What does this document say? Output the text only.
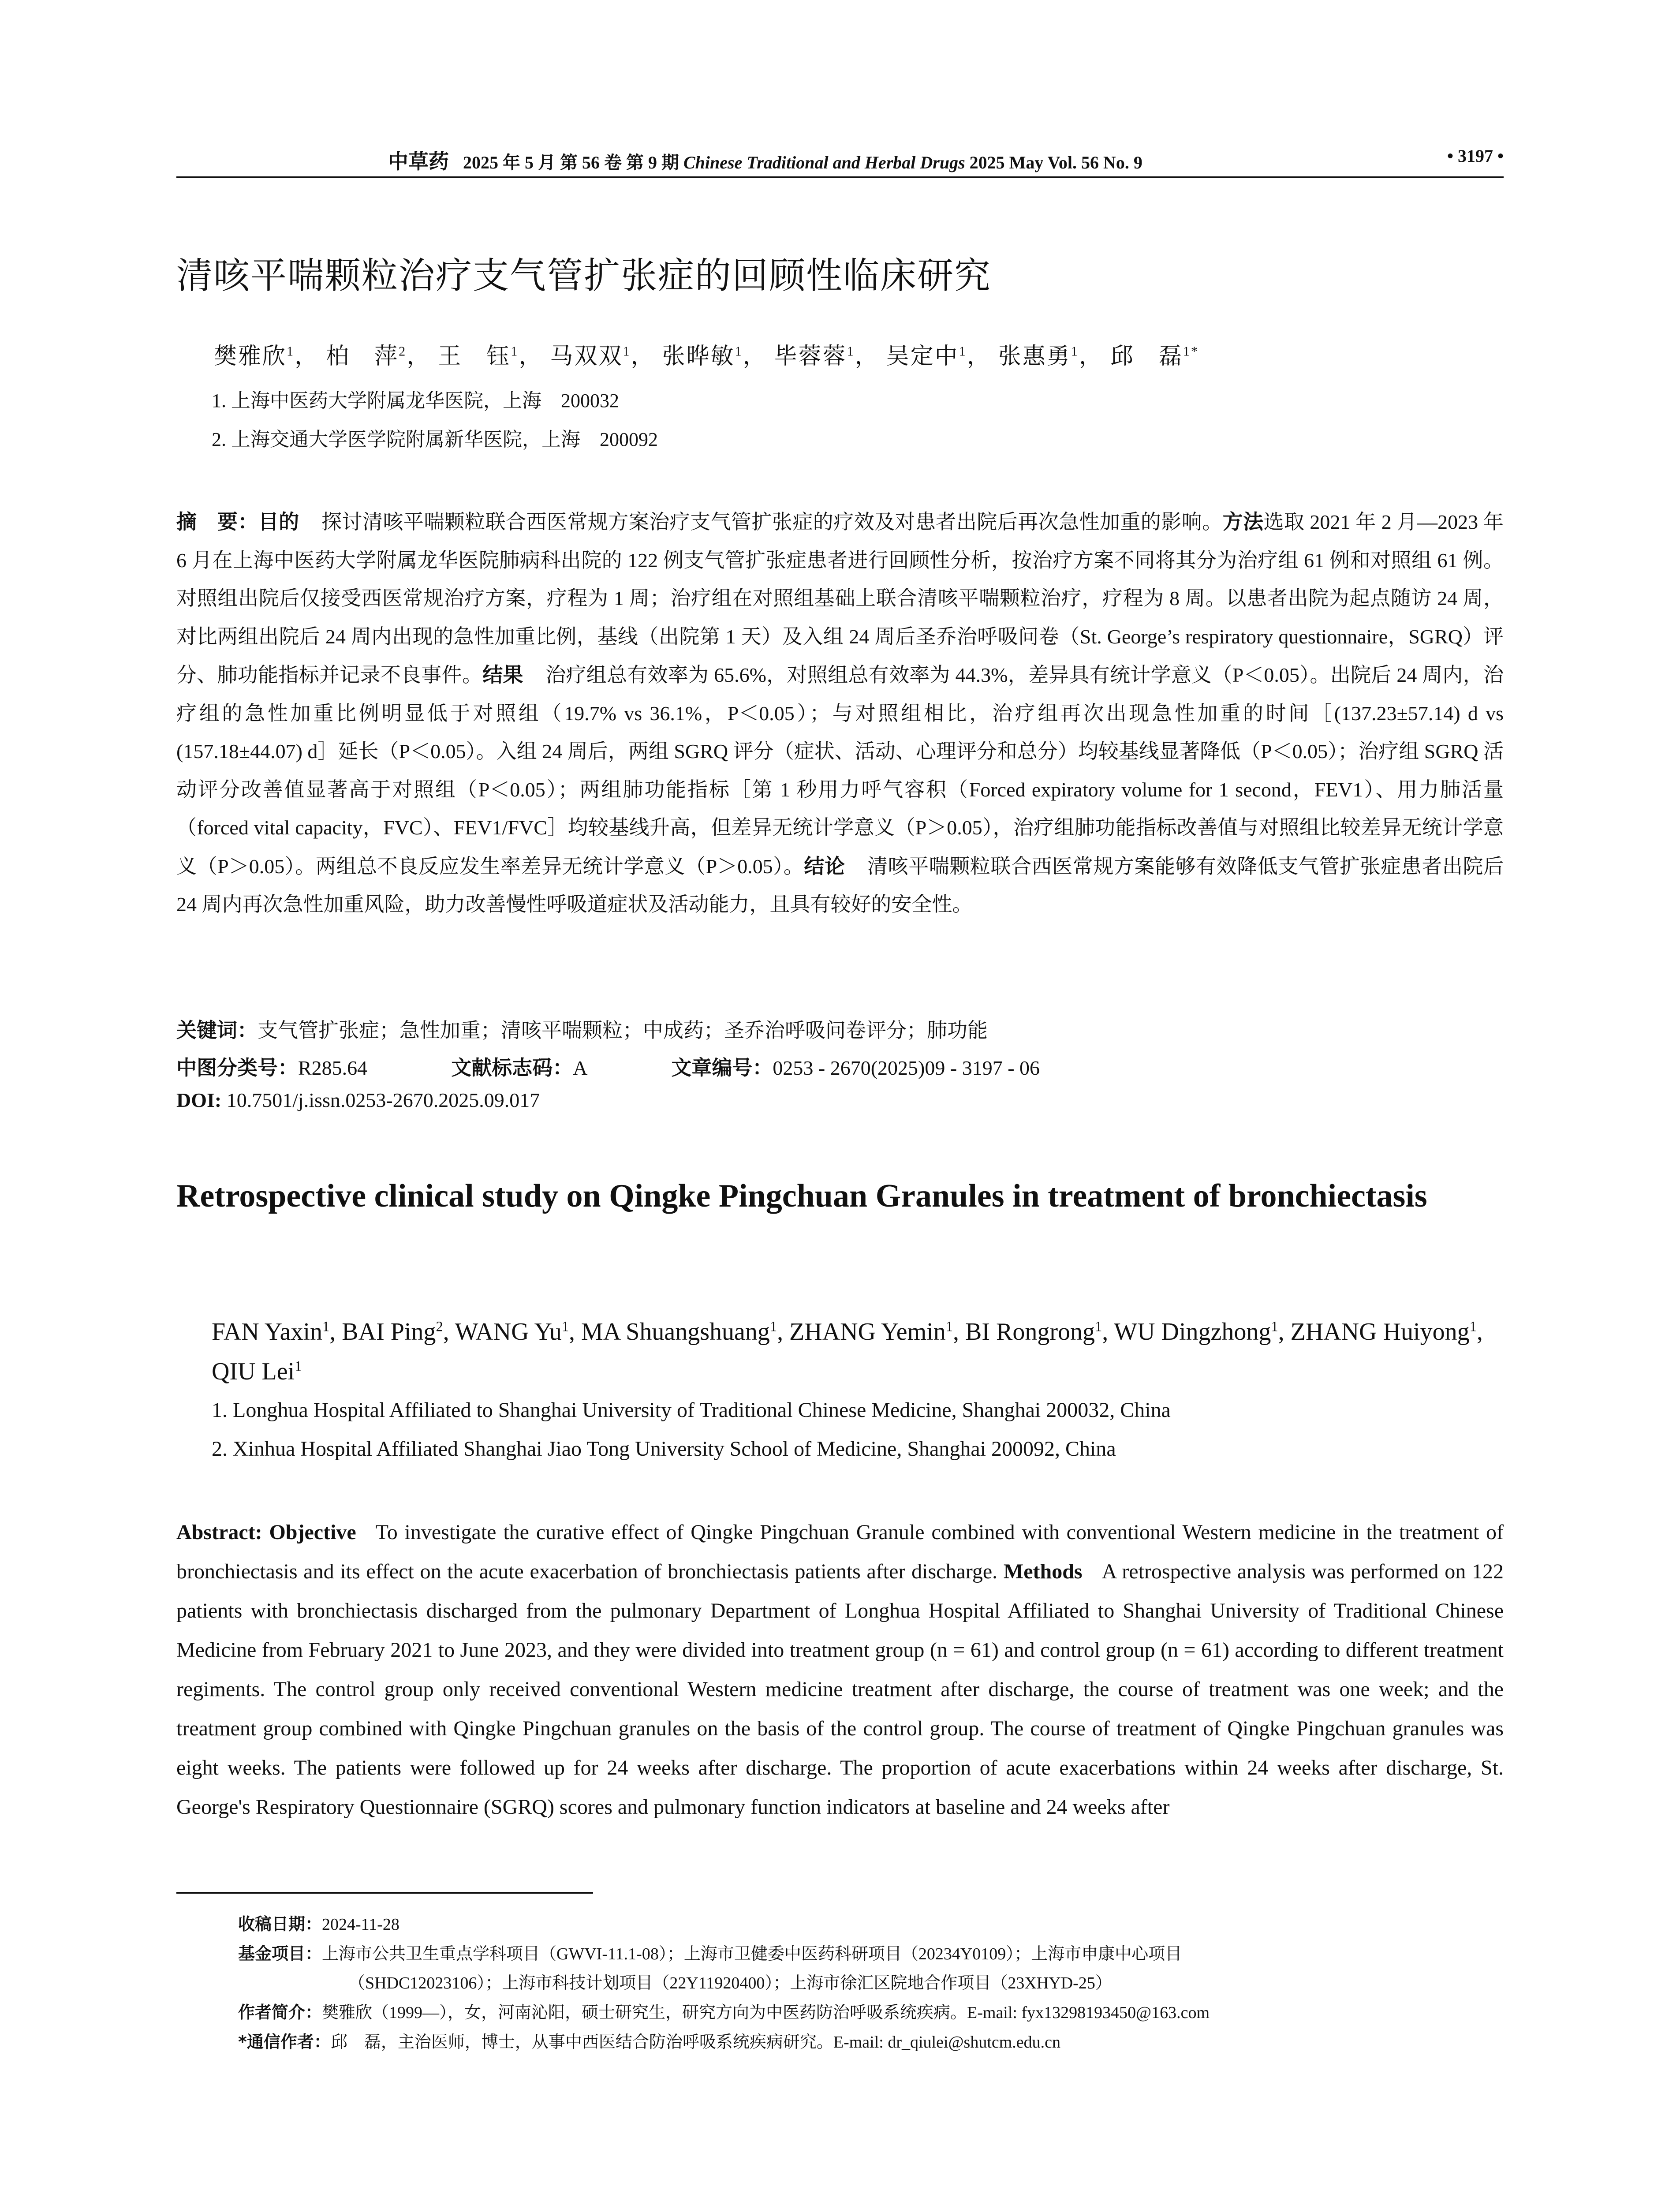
中草药 2025 年 5 月 第 56 卷 第 9 期 Chinese Traditional and Herbal Drugs 2025 May Vol. 56 No. 9	• 3197 •
清咳平喘颗粒治疗支气管扩张症的回顾性临床研究
樊雅欣$^1$， 柏　萍$^2$， 王　钰$^1$， 马双双$^1$， 张晔敏$^1$， 毕蓉蓉$^1$， 吴定中$^1$， 张惠勇$^1$， 邱　磊$^{1*}$
1. 上海中医药大学附属龙华医院，上海　200032
2. 上海交通大学医学院附属新华医院，上海　200092
摘　要：目的 探讨清咳平喘颗粒联合西医常规方案治疗支气管扩张症的疗效及对患者出院后再次急性加重的影响。方法选取 2021 年 2 月—2023 年 6 月在上海中医药大学附属龙华医院肺病科出院的 122 例支气管扩张症患者进行回顾性分析，按治疗方案不同将其分为治疗组 61 例和对照组 61 例。对照组出院后仅接受西医常规治疗方案，疗程为 1 周；治疗组在对照组基础上联合清咳平喘颗粒治疗，疗程为 8 周。以患者出院为起点随访 24 周，对比两组出院后 24 周内出现的急性加重比例，基线（出院第 1 天）及入组 24 周后圣乔治呼吸问卷（St. George’s respiratory questionnaire，SGRQ）评分、肺功能指标并记录不良事件。结果 治疗组总有效率为 65.6%，对照组总有效率为 44.3%，差异具有统计学意义（P＜0.05）。出院后 24 周内，治疗组的急性加重比例明显低于对照组（19.7% vs 36.1%，P＜0.05）；与对照组相比，治疗组再次出现急性加重的时间［(137.23±57.14) d vs (157.18±44.07) d］延长（P＜0.05）。入组 24 周后，两组 SGRQ 评分（症状、活动、心理评分和总分）均较基线显著降低（P＜0.05）；治疗组 SGRQ 活动评分改善值显著高于对照组（P＜0.05）；两组肺功能指标［第 1 秒用力呼气容积（Forced expiratory volume for 1 second，FEV1）、用力肺活量（forced vital capacity，FVC）、FEV1/FVC］均较基线升高，但差异无统计学意义（P＞0.05），治疗组肺功能指标改善值与对照组比较差异无统计学意义（P＞0.05）。两组总不良反应发生率差异无统计学意义（P＞0.05）。结论 清咳平喘颗粒联合西医常规方案能够有效降低支气管扩张症患者出院后 24 周内再次急性加重风险，助力改善慢性呼吸道症状及活动能力，且具有较好的安全性。
关键词：支气管扩张症；急性加重；清咳平喘颗粒；中成药；圣乔治呼吸问卷评分；肺功能
中图分类号：R285.64	文献标志码：A	文章编号：0253 - 2670(2025)09 - 3197 - 06
DOI: 10.7501/j.issn.0253-2670.2025.09.017
Retrospective clinical study on Qingke Pingchuan Granules in treatment of bronchiectasis
FAN Yaxin$^1$, BAI Ping$^2$, WANG Yu$^1$, MA Shuangshuang$^1$, ZHANG Yemin$^1$, BI Rongrong$^1$, WU Dingzhong$^1$, ZHANG Huiyong$^1$, QIU Lei$^1$
1. Longhua Hospital Affiliated to Shanghai University of Traditional Chinese Medicine, Shanghai 200032, China
2. Xinhua Hospital Affiliated Shanghai Jiao Tong University School of Medicine, Shanghai 200092, China
Abstract: Objective To investigate the curative effect of Qingke Pingchuan Granule combined with conventional Western medicine in the treatment of bronchiectasis and its effect on the acute exacerbation of bronchiectasis patients after discharge. Methods A retrospective analysis was performed on 122 patients with bronchiectasis discharged from the pulmonary Department of Longhua Hospital Affiliated to Shanghai University of Traditional Chinese Medicine from February 2021 to June 2023, and they were divided into treatment group (n = 61) and control group (n = 61) according to different treatment regiments. The control group only received conventional Western medicine treatment after discharge, the course of treatment was one week; and the treatment group combined with Qingke Pingchuan granules on the basis of the control group. The course of treatment of Qingke Pingchuan granules was eight weeks. The patients were followed up for 24 weeks after discharge. The proportion of acute exacerbations within 24 weeks after discharge, St. George's Respiratory Questionnaire (SGRQ) scores and pulmonary function indicators at baseline and 24 weeks after
收稿日期：2024-11-28
基金项目：上海市公共卫生重点学科项目（GWVI-11.1-08）；上海市卫健委中医药科研项目（20234Y0109）；上海市申康中心项目
（SHDC12023106）；上海市科技计划项目（22Y11920400）；上海市徐汇区院地合作项目（23XHYD-25）
作者简介：樊雅欣（1999—），女，河南沁阳，硕士研究生，研究方向为中医药防治呼吸系统疾病。E-mail: fyx13298193450@163.com
*通信作者：邱　磊，主治医师，博士，从事中西医结合防治呼吸系统疾病研究。E-mail: dr_qiulei@shutcm.edu.cn
